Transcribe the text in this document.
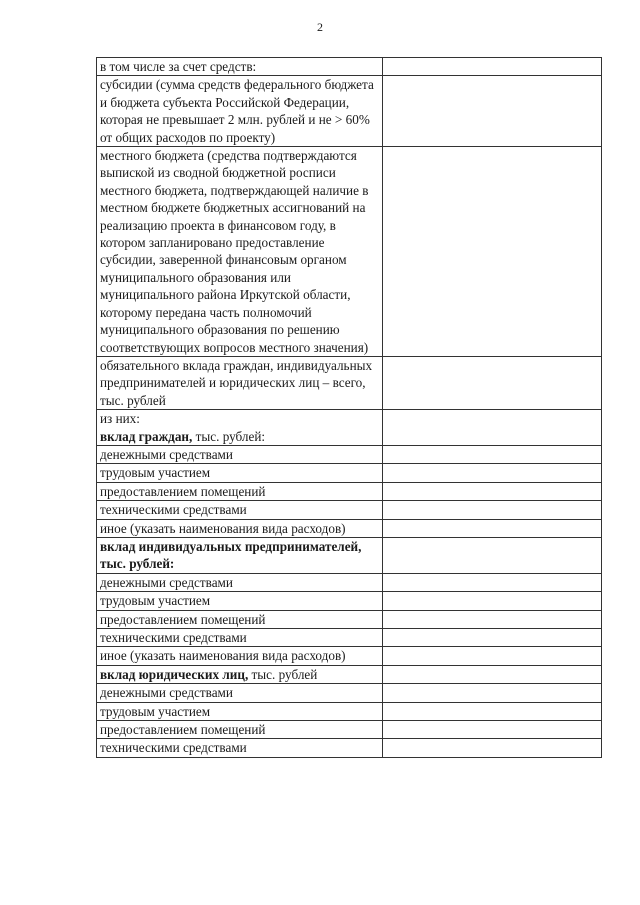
2
в том числе за счет средств:	
субсидии (сумма средств федерального бюджета и бюджета субъекта Российской Федерации, которая не превышает 2 млн. рублей и не > 60% от общих расходов по проекту)	
местного бюджета (средства подтверждаются выпиской из сводной бюджетной росписи местного бюджета, подтверждающей наличие в местном бюджете бюджетных ассигнований на реализацию проекта в финансовом году, в котором запланировано предоставление субсидии, заверенной финансовым органом муниципального образования или муниципального района Иркутской области, которому передана часть полномочий муниципального образования по решению соответствующих вопросов местного значения)	
обязательного вклада граждан, индивидуальных предпринимателей и юридических лиц – всего, тыс. рублей	
из них:
вклад граждан, тыс. рублей:	
денежными средствами	
трудовым участием	
предоставлением помещений	
техническими средствами	
иное (указать наименования вида расходов)	
вклад индивидуальных предпринимателей, тыс. рублей:	
денежными средствами	
трудовым участием	
предоставлением помещений	
техническими средствами	
иное (указать наименования вида расходов)	
вклад юридических лиц, тыс. рублей	
денежными средствами	
трудовым участием	
предоставлением помещений	
техническими средствами	
